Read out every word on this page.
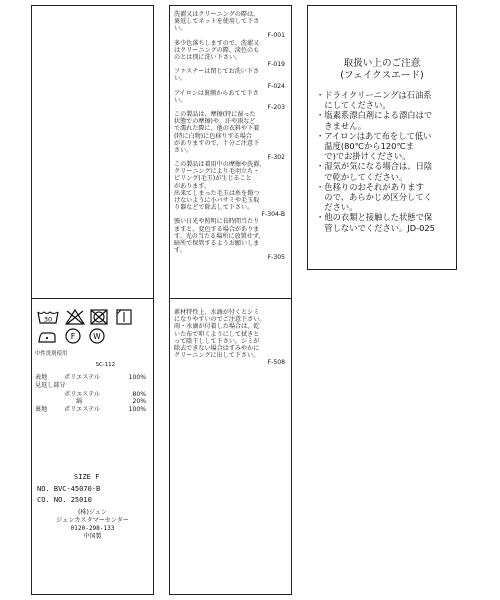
30
F W
中性洗剤使用
SC-112
表地	ポリエステル	100%
見返し部分
ポリエステル	80%
綿	20%
裏地	ポリエステル	100%
SIZE F
NO. BVC-45070-B
CO. NO. 25010
(株)ジュン
ジュンカスタマーセンター
0120-298-133
中国製
洗濯又はクリーニングの際は、
裏返してネットを使用して下さ
い。
F-001
多少色落ちしますので、洗濯又
はクリーニングの際、淡色のも
のとは別に洗い下さい。
F-019
ファスナーは閉じてお洗い下さ
い。
F-024
アイロンは裏側からあてて下さ
い。
F-203
この製品は、摩擦(特に湿った
状態での摩擦)や、汗や雨など
で濡れた際に、他の衣料や下着
(特に白物)に色移りする場合
がありますので、十分ご注意下
さい。
F-302
この製品は着用中の摩擦や洗濯、
クリーニングにより毛羽立ち・
ピリング(毛玉)が生じること
があります。
出来てしまった毛玉は糸を傷つ
けないように小バサミや毛玉取
り器などで除去して下さい。
F-304-B
強い日光や照明に長時間当たり
ますと、変色する場合がありま
す。光の当たる場所に放置せず、
暗所で保管するようお願いしま
す。
F-305
素材特性上、水滴が付くとシミ
になりやすいのでご注意下さい。
雨・水滴が付着した場合は、乾
いた布で叩くようにして拭きと
って陰干しして下さい。シミが
除去できない場合はすみやかに
クリーニングに出して下さい。
F-508
取扱い上のご注意
(フェイクスエード)
・ドライクリーニングは石油系
　にしてください。
・塩素系漂白剤による漂白はで
　きません。
・アイロンはあて布をして低い
　温度(80℃から120℃ま
　で)でお掛けください。
・湿気が気になる場合は、日陰
　で乾かしてください。
・色移りのおそれがあります
　ので、あらかじめ区分してく
　ださい。
・他の衣類と接触した状態で保
　管しないでください。JD-025
